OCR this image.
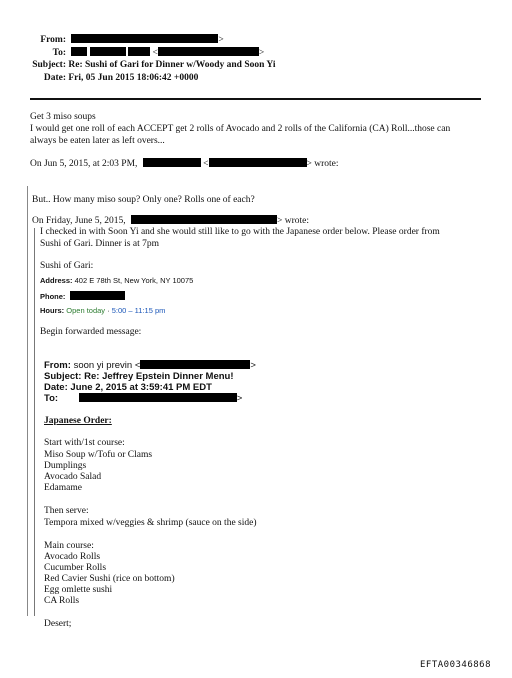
From:	>
To:	<	>
Subject: Re: Sushi of Gari for Dinner w/Woody and Soon Yi
Date: Fri, 05 Jun 2015 18:06:42 +0000
Get 3 miso soups
I would get one roll of each ACCEPT get 2 rolls of Avocado and 2 rolls of the California (CA) Roll...those can
always be eaten later as left overs...
On Jun 5, 2015, at 2:03 PM,	<	> wrote:
But.. How many miso soup? Only one? Rolls one of each?
On Friday, June 5, 2015,	> wrote:
I checked in with Soon Yi and she would still like to go with the Japanese order below. Please order from
Sushi of Gari. Dinner is at 7pm
Sushi of Gari:
Address: 402 E 78th St, New York, NY 10075
Phone:
Hours: Open today · 5:00 – 11:15 pm
Begin forwarded message:
From: soon yi previn <	>
Subject: Re: Jeffrey Epstein Dinner Menu!
Date: June 2, 2015 at 3:59:41 PM EDT
To:	>
Japanese Order:
Start with/1st course:
Miso Soup w/Tofu or Clams
Dumplings
Avocado Salad
Edamame
Then serve:
Tempora mixed w/veggies & shrimp (sauce on the side)
Main course:
Avocado Rolls
Cucumber Rolls
Red Cavier Sushi (rice on bottom)
Egg omlette sushi
CA Rolls
Desert;
EFTA00346868
